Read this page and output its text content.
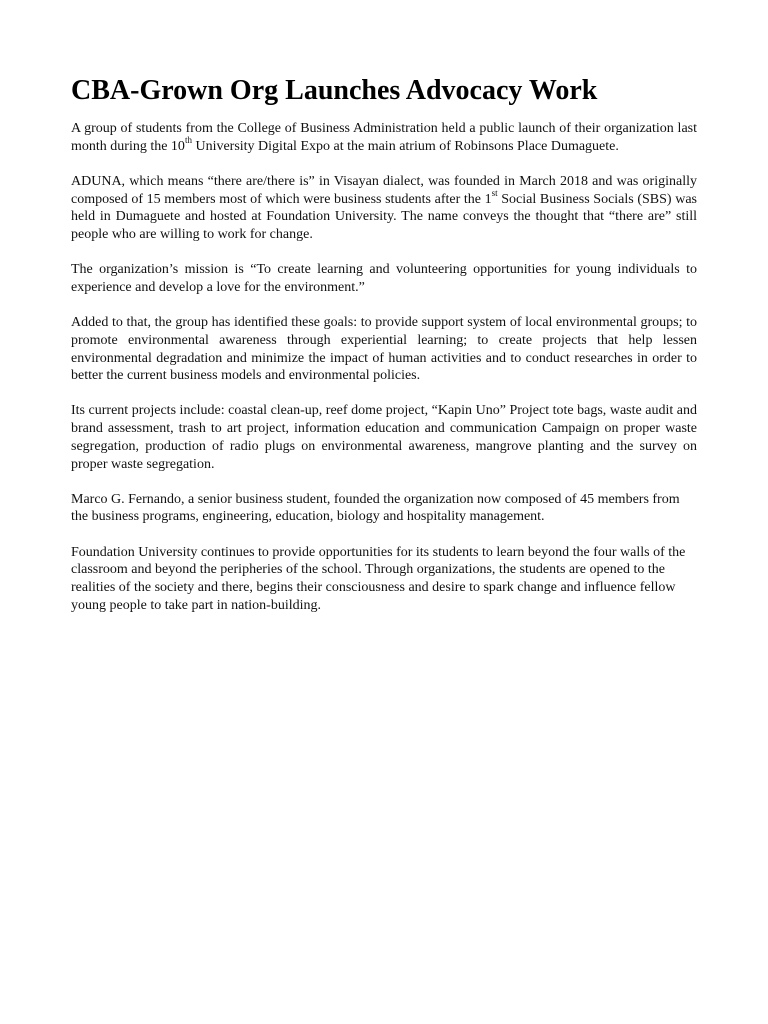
CBA-Grown Org Launches Advocacy Work

A group of students from the College of Business Administration held a public launch of their organization last month during the 10th University Digital Expo at the main atrium of Robinsons Place Dumaguete.

ADUNA, which means “there are/there is” in Visayan dialect, was founded in March 2018 and was originally composed of 15 members most of which were business students after the 1st Social Business Socials (SBS) was held in Dumaguete and hosted at Foundation University. The name conveys the thought that “there are” still people who are willing to work for change.

The organization’s mission is “To create learning and volunteering opportunities for young individuals to experience and develop a love for the environment.”

Added to that, the group has identified these goals: to provide support system of local environmental groups; to promote environmental awareness through experiential learning; to create projects that help lessen environmental degradation and minimize the impact of human activities and to conduct researches in order to better the current business models and environmental policies.

Its current projects include: coastal clean-up, reef dome project, “Kapin Uno” Project tote bags, waste audit and brand assessment, trash to art project, information education and communication Campaign on proper waste segregation, production of radio plugs on environmental awareness, mangrove planting and the survey on proper waste segregation.

Marco G. Fernando, a senior business student, founded the organization now composed of 45 members from the business programs, engineering, education, biology and hospitality management.

Foundation University continues to provide opportunities for its students to learn beyond the four walls of the classroom and beyond the peripheries of the school. Through organizations, the students are opened to the realities of the society and there, begins their consciousness and desire to spark change and influence fellow young people to take part in nation-building.
